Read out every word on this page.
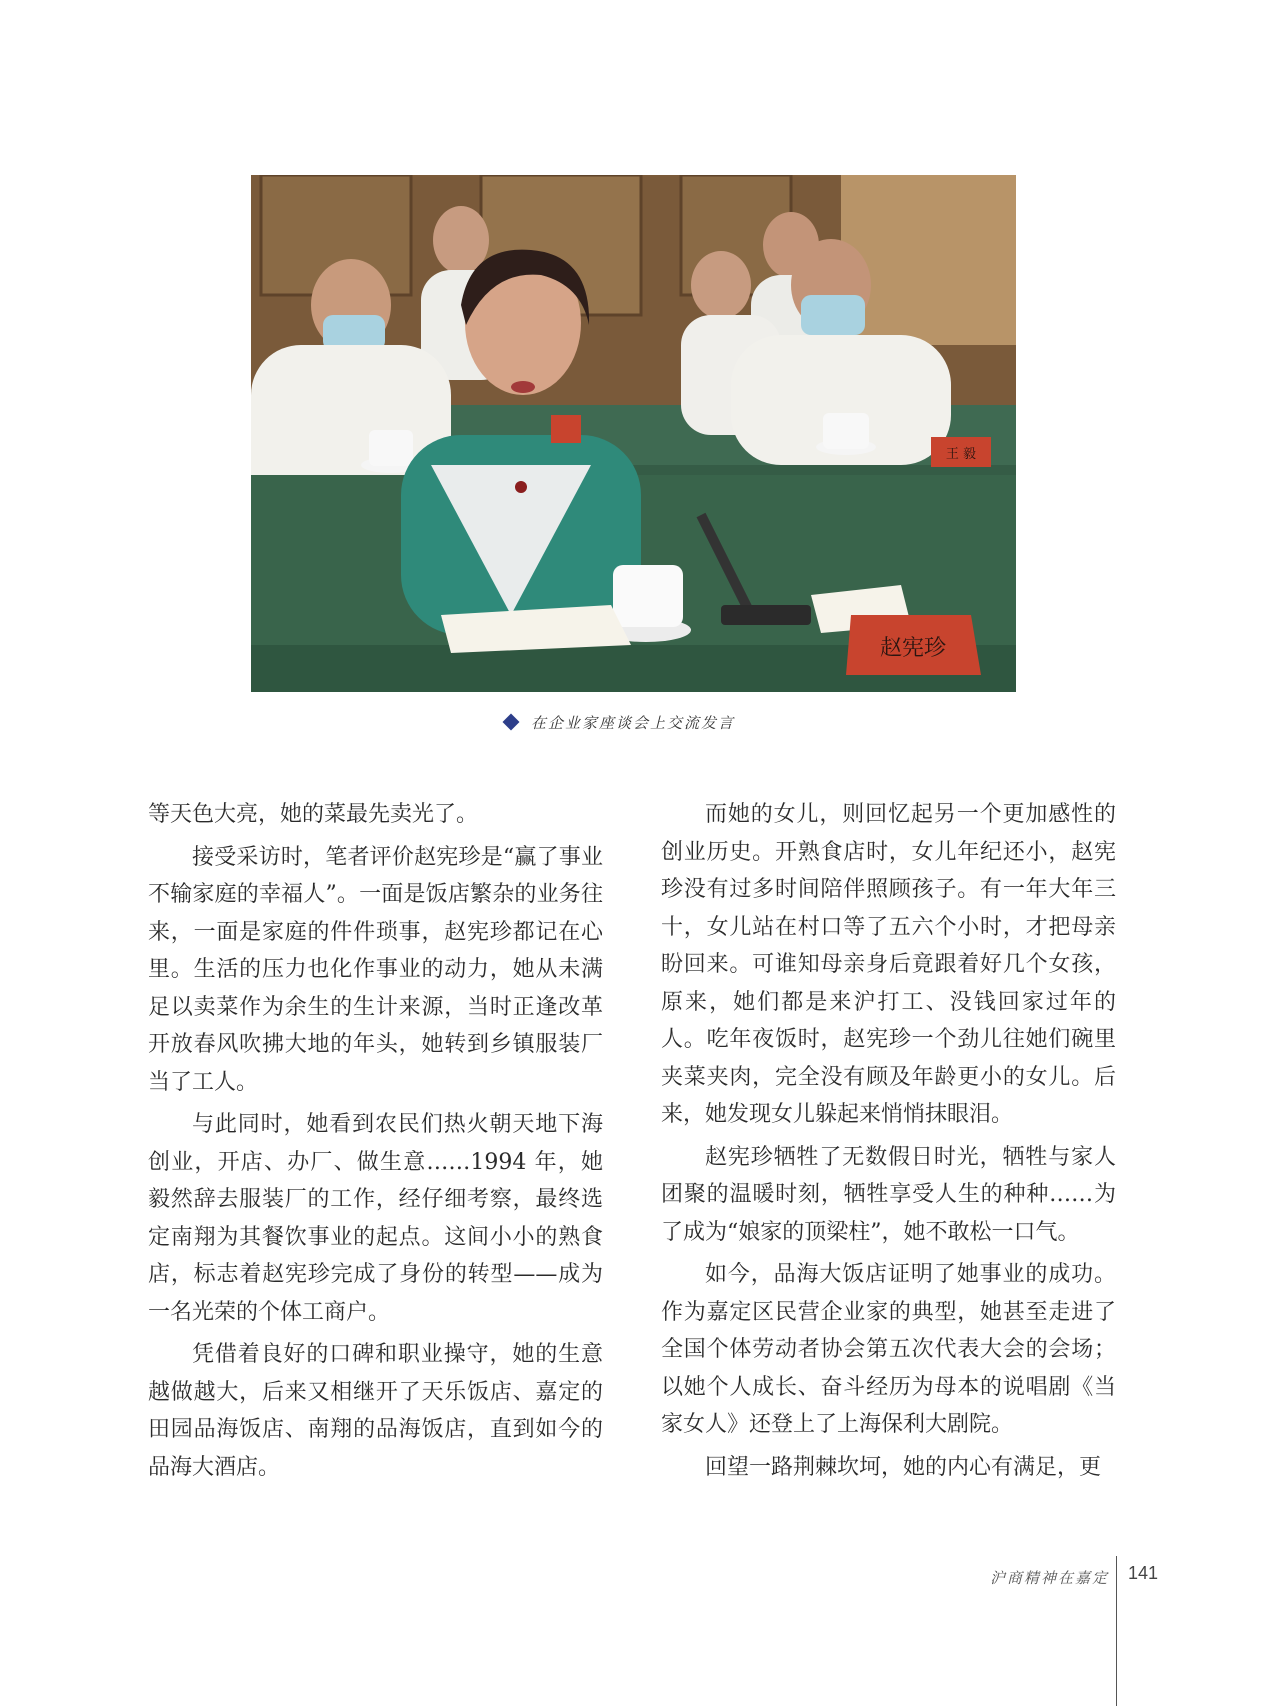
王 毅
赵宪珍
在企业家座谈会上交流发言

等天色大亮，她的菜最先卖光了。

接受采访时，笔者评价赵宪珍是“赢了事业不输家庭的幸福人”。一面是饭店繁杂的业务往来，一面是家庭的件件琐事，赵宪珍都记在心里。生活的压力也化作事业的动力，她从未满足以卖菜作为余生的生计来源，当时正逢改革开放春风吹拂大地的年头，她转到乡镇服装厂当了工人。

与此同时，她看到农民们热火朝天地下海创业，开店、办厂、做生意……1994 年，她毅然辞去服装厂的工作，经仔细考察，最终选定南翔为其餐饮事业的起点。这间小小的熟食店，标志着赵宪珍完成了身份的转型——成为一名光荣的个体工商户。

凭借着良好的口碑和职业操守，她的生意越做越大，后来又相继开了天乐饭店、嘉定的田园品海饭店、南翔的品海饭店，直到如今的品海大酒店。

而她的女儿，则回忆起另一个更加感性的创业历史。开熟食店时，女儿年纪还小，赵宪珍没有过多时间陪伴照顾孩子。有一年大年三十，女儿站在村口等了五六个小时，才把母亲盼回来。可谁知母亲身后竟跟着好几个女孩，原来，她们都是来沪打工、没钱回家过年的人。吃年夜饭时，赵宪珍一个劲儿往她们碗里夹菜夹肉，完全没有顾及年龄更小的女儿。后来，她发现女儿躲起来悄悄抹眼泪。

赵宪珍牺牲了无数假日时光，牺牲与家人团聚的温暖时刻，牺牲享受人生的种种……为了成为“娘家的顶梁柱”，她不敢松一口气。

如今，品海大饭店证明了她事业的成功。作为嘉定区民营企业家的典型，她甚至走进了全国个体劳动者协会第五次代表大会的会场；以她个人成长、奋斗经历为母本的说唱剧《当家女人》还登上了上海保利大剧院。

回望一路荆棘坎坷，她的内心有满足，更

沪商精神在嘉定 141
